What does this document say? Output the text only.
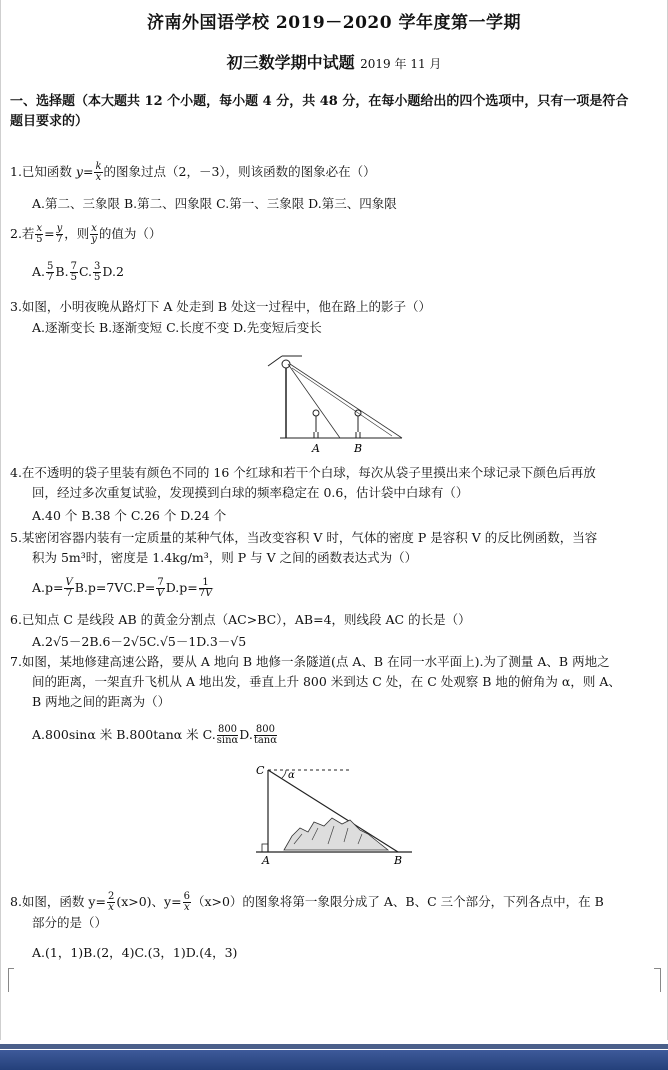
济南外国语学校 2019－2020 学年度第一学期
初三数学期中试题 2019 年 11 月
一、选择题（本大题共 12 个小题，每小题 4 分，共 48 分，在每小题给出的四个选项中，只有一项是符合
题目要求的）
1.已知函数 $y= \frac{k}{x}$ 的图象过点（2，－3），则该函数的图象必在（）
A.第二、三象限 B.第二、四象限 C.第一、三象限 D.第三、四象限
2.若 $\frac{x}{5} = \frac{y}{7}$ ，则 $\frac{x}{y}$ 的值为（）
A. $\frac{5}{7} B$. $\frac{7}{5} C$. $\frac{3}{5} D.2$
3.如图，小明夜晚从路灯下 A 处走到 B 处这一过程中，他在路上的影子（）
A.逐渐变长 B.逐渐变短 C.长度不变 D.先变短后变长
A	B
4.在不透明的袋子里装有颜色不同的 16 个红球和若干个白球，每次从袋子里摸出来个球记录下颜色后再放
回，经过多次重复试验，发现摸到白球的频率稳定在 0.6，估计袋中白球有（）
A.40 个 B.38 个 C.26 个 D.24 个
5.某密闭容器内装有一定质量的某种气体，当改变容积 V 时，气体的密度 P 是容积 V 的反比例函数，当容
积为 5m³时，密度是 1.4kg/m³，则 P 与 V 之间的函数表达式为（）
$A.p= \frac{V}{7} B.p=7VC.P= \frac{7}{V} D.p= \frac{1}{7V}$
6.已知点 C 是线段 AB 的黄金分割点（AC>BC），AB=4，则线段 AC 的长是（）
A.2√5－2B.6－2√5C.√5－1D.3－√5
7.如图，某地修建高速公路，要从 A 地向 B 地修一条隧道(点 A、B 在同一水平面上).为了测量 A、B 两地之
间的距离，一架直升飞机从 A 地出发，垂直上升 800 米到达 C 处，在 C 处观察 B 地的俯角为 α，则 A、
B 两地之间的距离为（）
A.800sinα 米 B.800tanα 米 C. $\frac{800}{\sin\alpha} D$. $\frac{800}{\tan\alpha}$
C α
A	B
8.如图，函数 $y= \frac{2}{x} (x>0)$、$y= \frac{6}{x} (x>0)$的图象将第一象限分成了 A、B、C 三个部分，下列各点中，在 B
部分的是（）
A.(1，1)B.(2，4)C.(3，1)D.(4，3)
